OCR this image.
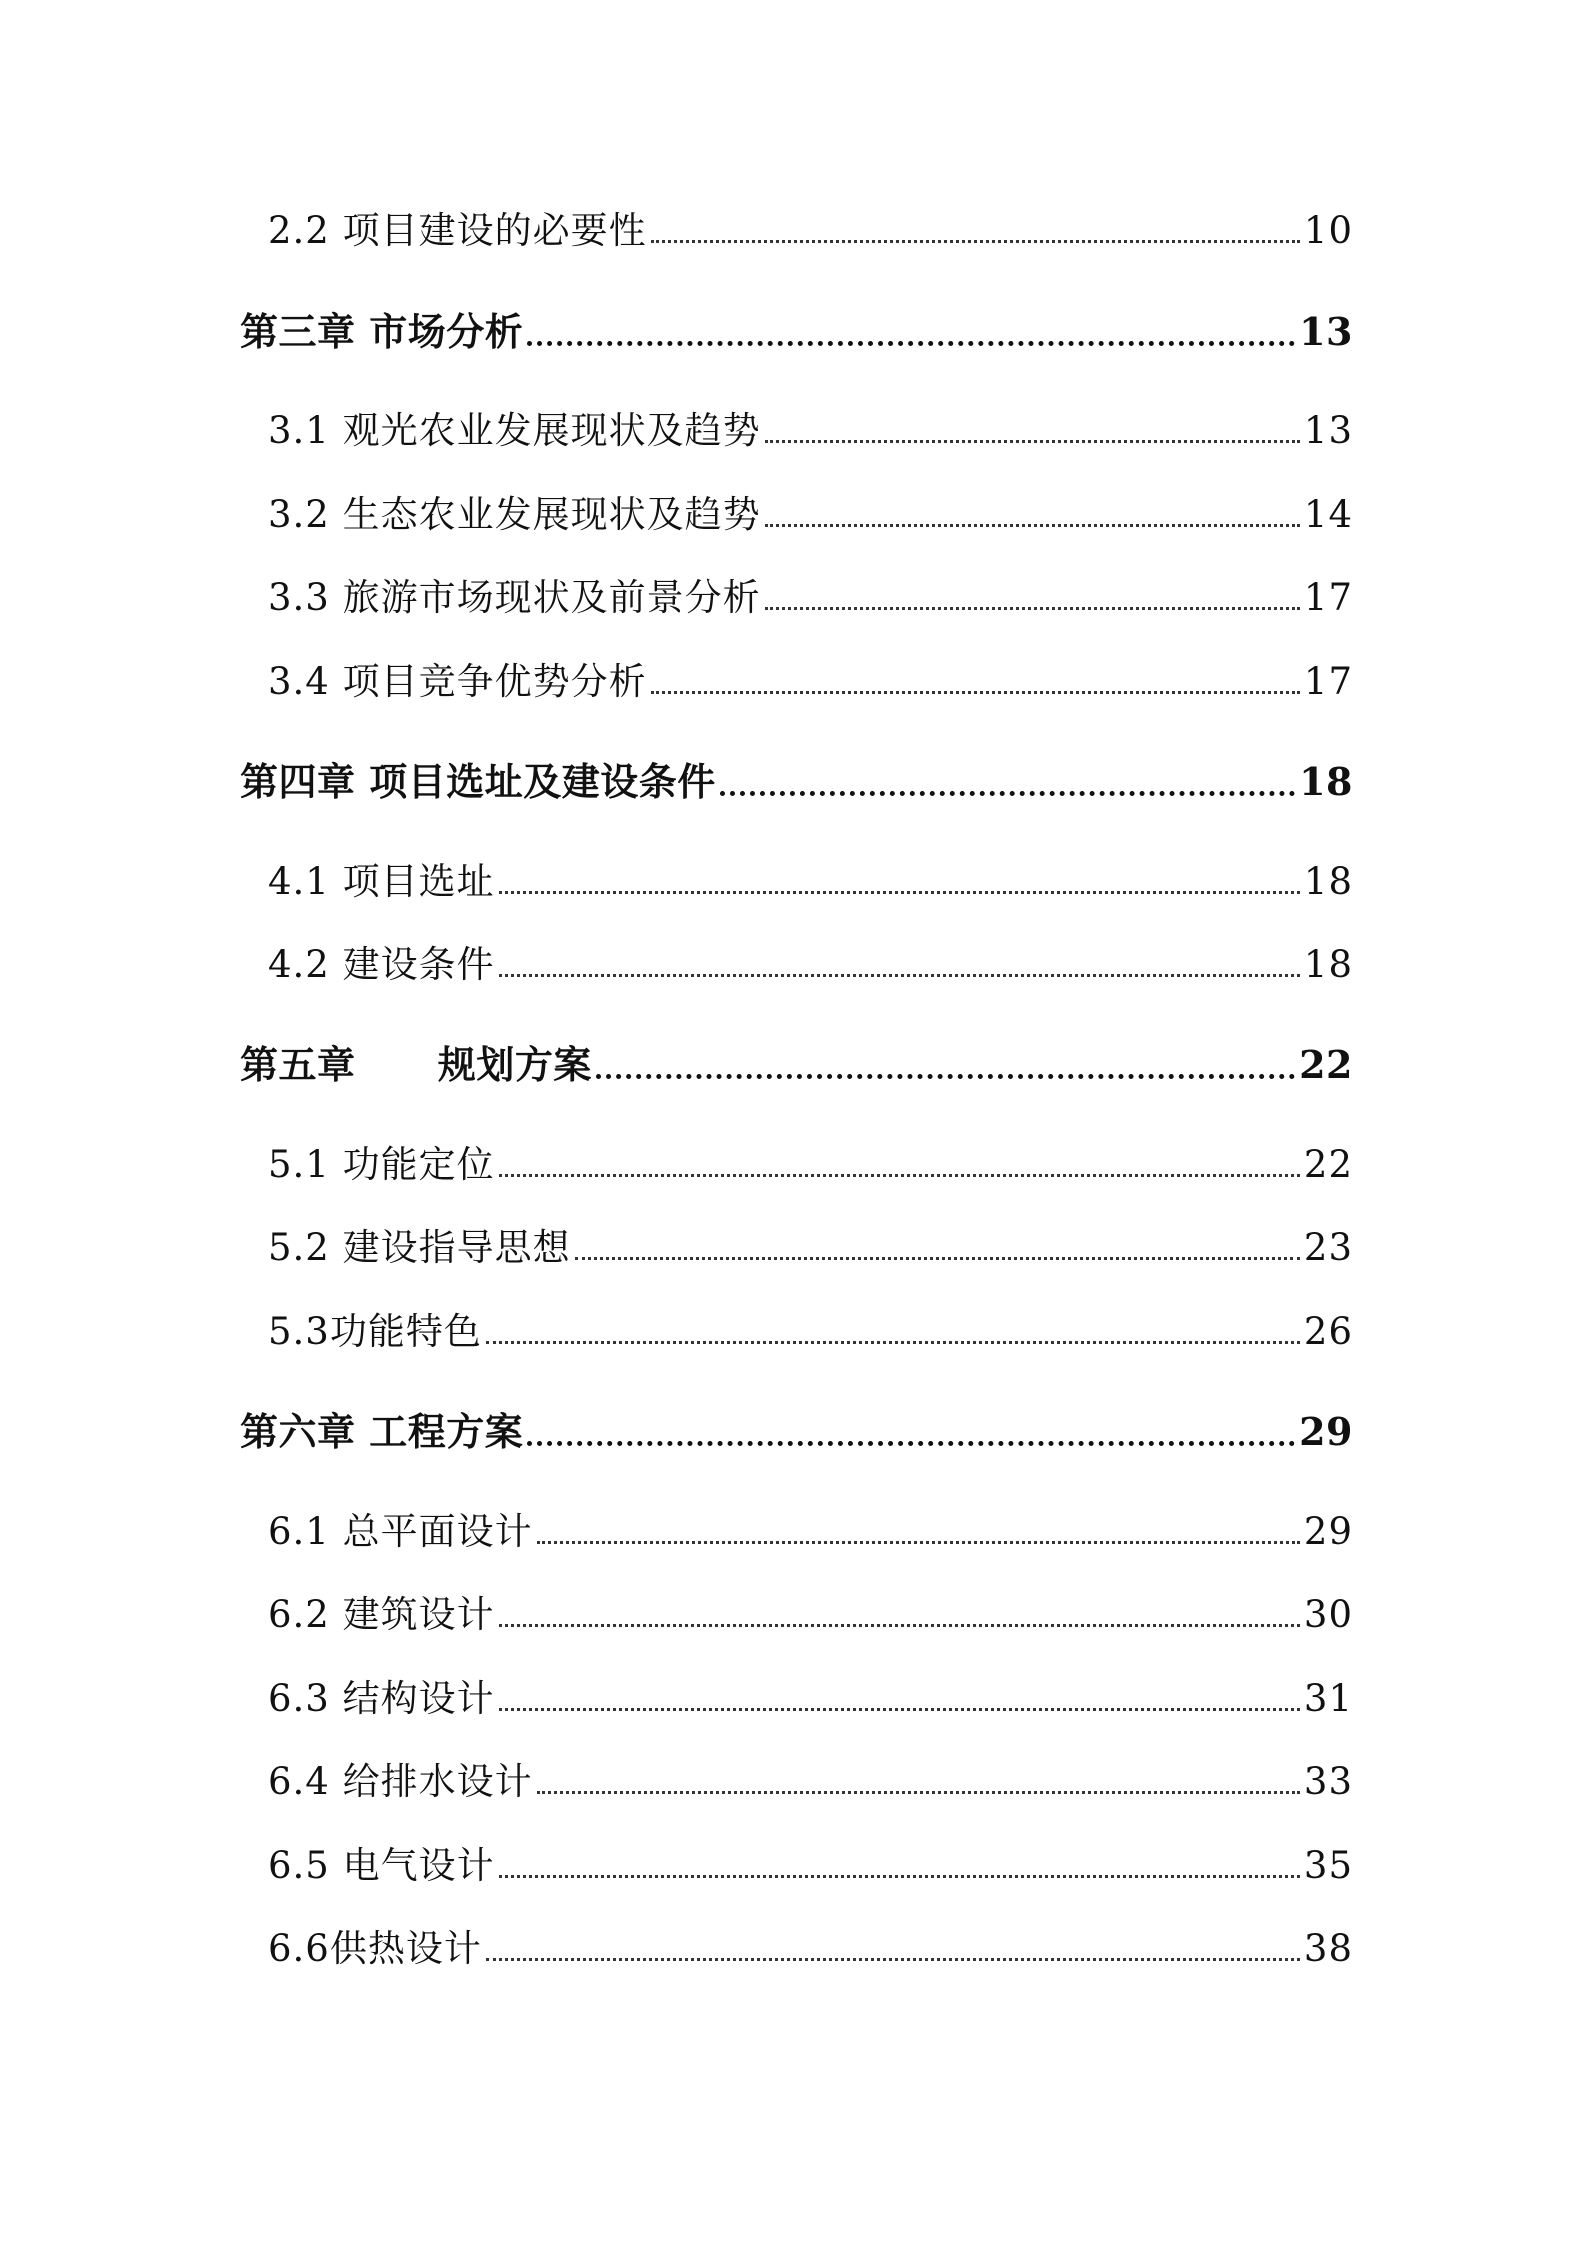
2.2 项目建设的必要性	10
第三章 市场分析	13
3.1 观光农业发展现状及趋势	13
3.2 生态农业发展现状及趋势	14
3.3 旅游市场现状及前景分析	17
3.4 项目竞争优势分析	17
第四章 项目选址及建设条件	18
4.1 项目选址	18
4.2 建设条件	18
第五章      规划方案	22
5.1 功能定位	22
5.2 建设指导思想	23
5.3功能特色	26
第六章 工程方案	29
6.1 总平面设计	29
6.2 建筑设计	30
6.3 结构设计	31
6.4 给排水设计	33
6.5 电气设计	35
6.6供热设计	38
